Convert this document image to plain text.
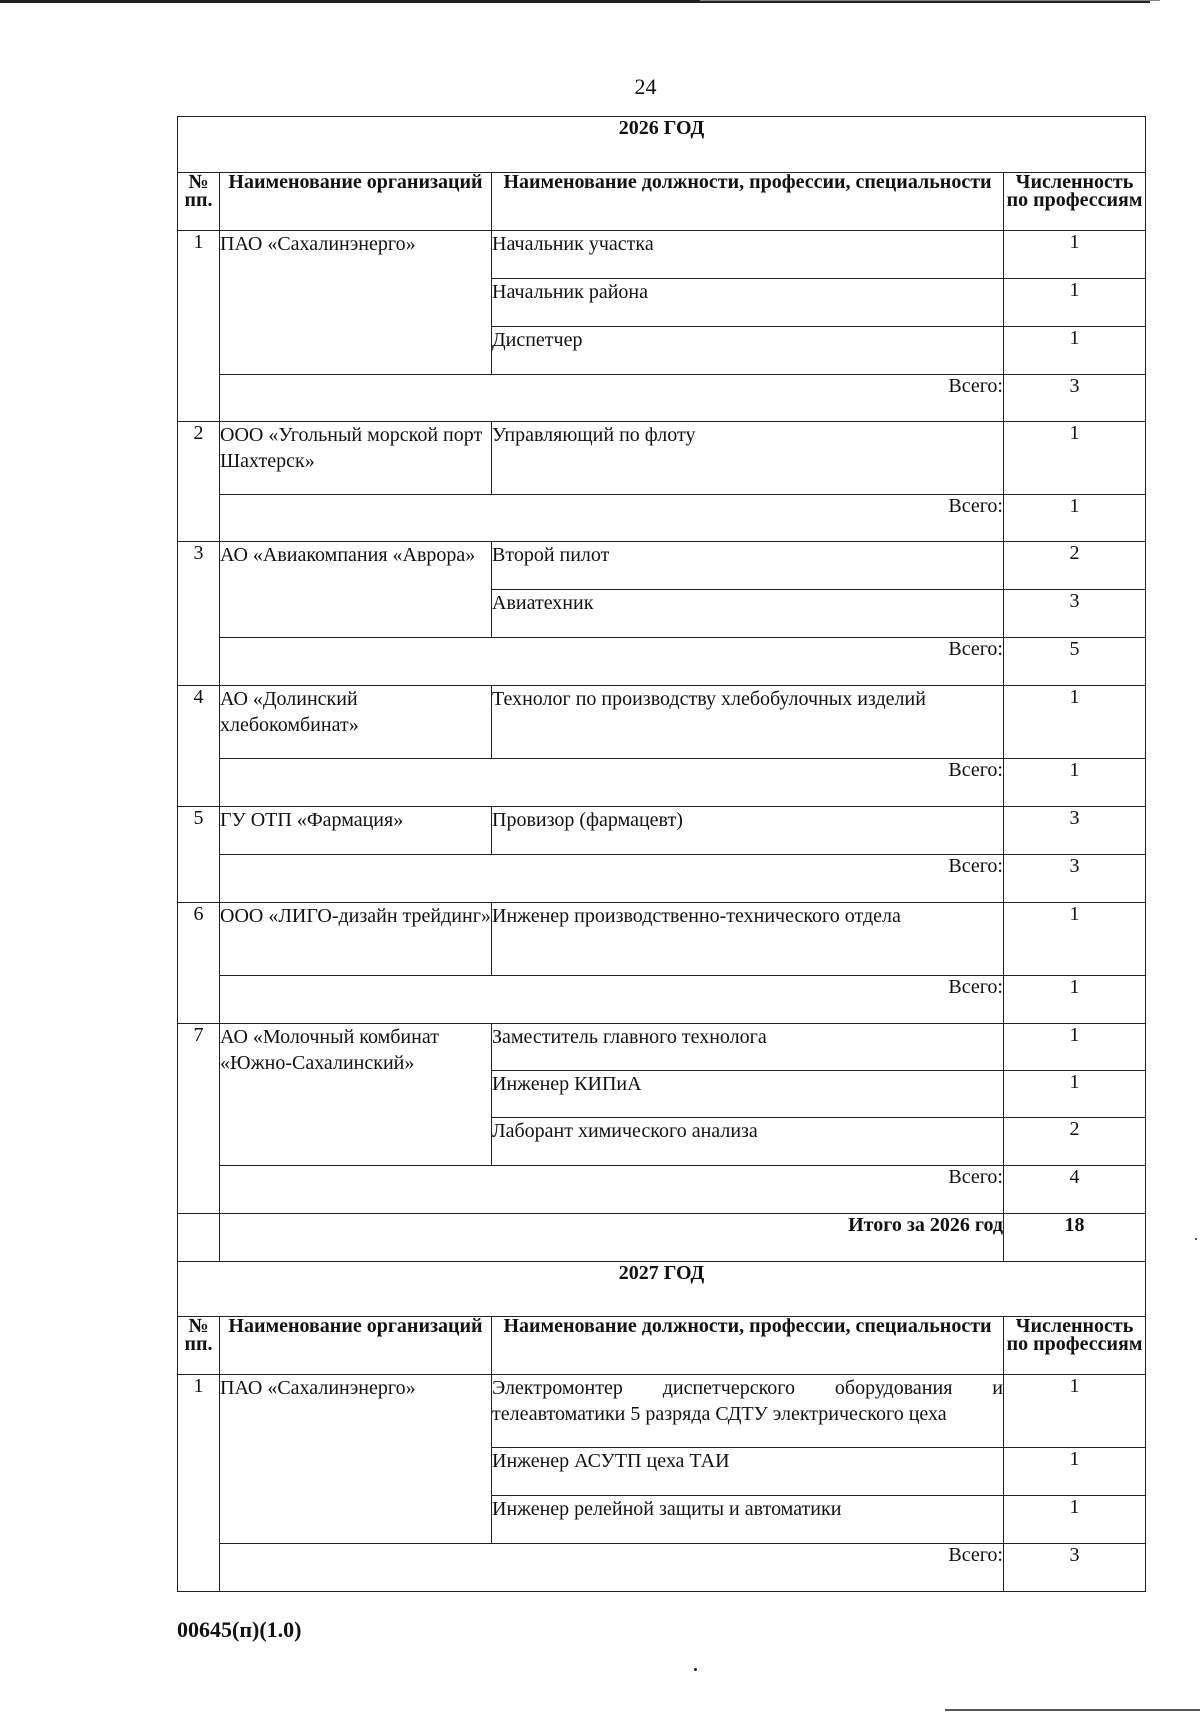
24
2026 ГОД			
№ пп.	Наименование организаций	Наименование должности, профессии, специальности	Численность по профессиям
1	ПАО «Сахалинэнерго»	Начальник участка	1
		Начальник района	1
		Диспетчер	1
	Всего:		3
2	ООО «Угольный морской порт Шахтерск»	Управляющий по флоту	1
	Всего:		1
3	АО «Авиакомпания «Аврора»	Второй пилот	2
		Авиатехник	3
	Всего:		5
4	АО «Долинский хлебокомбинат»	Технолог по производству хлебобулочных изделий	1
	Всего:		1
5	ГУ ОТП «Фармация»	Провизор (фармацевт)	3
	Всего:		3
6	ООО «ЛИГО-дизайн трейдинг»	Инженер производственно-технического отдела	1
	Всего:		1
7	АО «Молочный комбинат «Южно-Сахалинский»	Заместитель главного технолога	1
		Инженер КИПиА	1
		Лаборант химического анализа	2
	Всего:		4
	Итого за 2026 год		18
2027 ГОД			
№ пп.	Наименование организаций	Наименование должности, профессии, специальности	Численность по профессиям
1	ПАО «Сахалинэнерго»	Электромонтер диспетчерского оборудования и телеавтоматики 5 разряда СДТУ электрического цеха	1
		Инженер АСУТП цеха ТАИ	1
		Инженер релейной защиты и автоматики	1
	Всего:		3
00645(п)(1.0)
